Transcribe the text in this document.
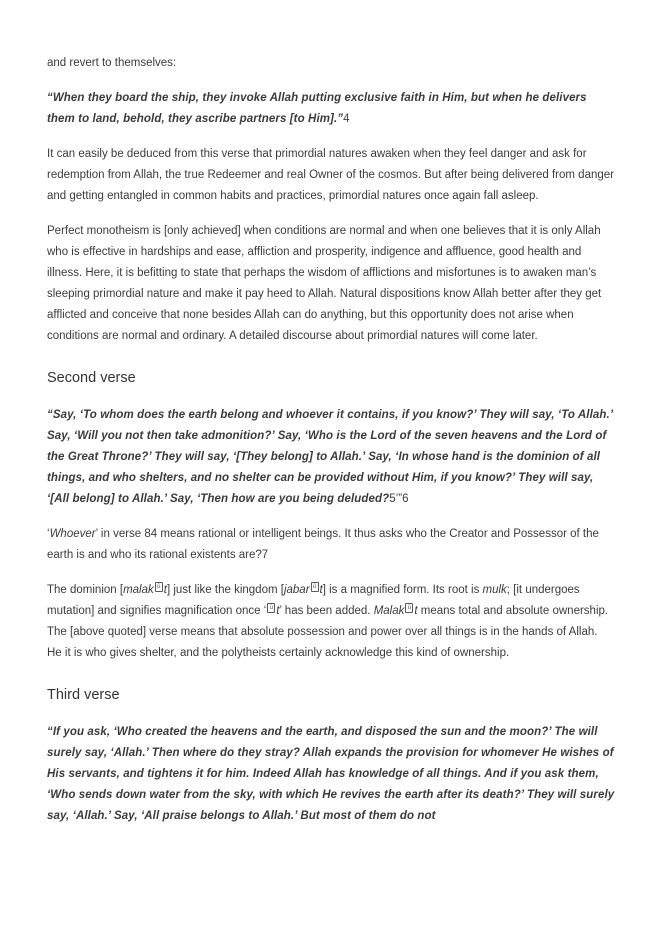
and revert to themselves:

“When they board the ship, they invoke Allah putting exclusive faith in Him, but when he delivers them to land, behold, they ascribe partners [to Him].”4

It can easily be deduced from this verse that primordial natures awaken when they feel danger and ask for redemption from Allah, the true Redeemer and real Owner of the cosmos. But after being delivered from danger and getting entangled in common habits and practices, primordial natures once again fall asleep.

Perfect monotheism is [only achieved] when conditions are normal and when one believes that it is only Allah who is effective in hardships and ease, affliction and prosperity, indigence and affluence, good health and illness. Here, it is befitting to state that perhaps the wisdom of afflictions and misfortunes is to awaken man’s sleeping primordial nature and make it pay heed to Allah. Natural dispositions know Allah better after they get afflicted and conceive that none besides Allah can do anything, but this opportunity does not arise when conditions are normal and ordinary. A detailed discourse about primordial natures will come later.

Second verse

“Say, ‘To whom does the earth belong and whoever it contains, if you know?’ They will say, ‘To Allah.’ Say, ‘Will you not then take admonition?’ Say, ‘Who is the Lord of the seven heavens and the Lord of the Great Throne?’ They will say, ‘[They belong] to Allah.’ Say, ‘In whose hand is the dominion of all things, and who shelters, and no shelter can be provided without Him, if you know?’ They will say, ‘[All belong] to Allah.’ Say, ‘Then how are you being deluded?5’”6

‘Whoever’ in verse 84 means rational or intelligent beings. It thus asks who the Creator and Possessor of the earth is and who its rational existents are?7

The dominion [malak ū t] just like the kingdom [jabar ū t] is a magnified form. Its root is mulk; [it undergoes mutation] and signifies magnification once ‘ ū t’ has been added. Malak ū t means total and absolute ownership. The [above quoted] verse means that absolute possession and power over all things is in the hands of Allah. He it is who gives shelter, and the polytheists certainly acknowledge this kind of ownership.

Third verse

“If you ask, ‘Who created the heavens and the earth, and disposed the sun and the moon?’ The will surely say, ‘Allah.’ Then where do they stray? Allah expands the provision for whomever He wishes of His servants, and tightens it for him. Indeed Allah has knowledge of all things. And if you ask them, ‘Who sends down water from the sky, with which He revives the earth after its death?’ They will surely say, ‘Allah.’ Say, ‘All praise belongs to Allah.’ But most of them do not
